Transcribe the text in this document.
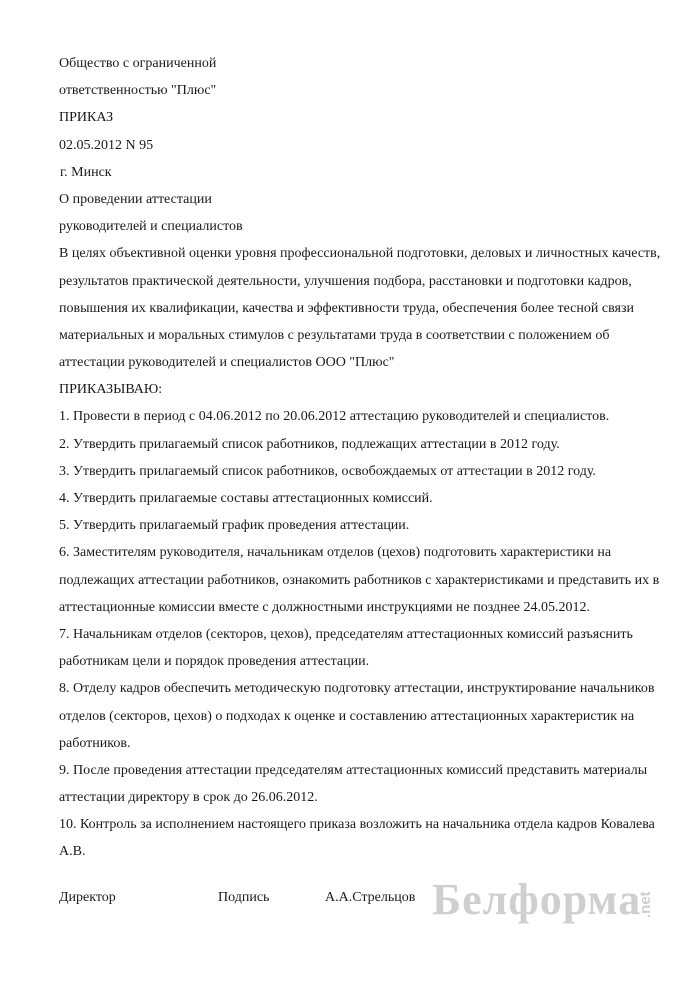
Общество с ограниченной
ответственностью "Плюс"
ПРИКАЗ
02.05.2012 N 95
г. Минск
О проведении аттестации
руководителей и специалистов
В целях объективной оценки уровня профессиональной подготовки, деловых и личностных качеств,
результатов практической деятельности, улучшения подбора, расстановки и подготовки кадров,
повышения их квалификации, качества и эффективности труда, обеспечения более тесной связи
материальных и моральных стимулов с результатами труда в соответствии с положением об
аттестации руководителей и специалистов ООО "Плюс"
ПРИКАЗЫВАЮ:
1. Провести в период с 04.06.2012 по 20.06.2012 аттестацию руководителей и специалистов.
2. Утвердить прилагаемый список работников, подлежащих аттестации в 2012 году.
3. Утвердить прилагаемый список работников, освобождаемых от аттестации в 2012 году.
4. Утвердить прилагаемые составы аттестационных комиссий.
5. Утвердить прилагаемый график проведения аттестации.
6. Заместителям руководителя, начальникам отделов (цехов) подготовить характеристики на
подлежащих аттестации работников, ознакомить работников с характеристиками и представить их в
аттестационные комиссии вместе с должностными инструкциями не позднее 24.05.2012.
7. Начальникам отделов (секторов, цехов), председателям аттестационных комиссий разъяснить
работникам цели и порядок проведения аттестации.
8. Отделу кадров обеспечить методическую подготовку аттестации, инструктирование начальников
отделов (секторов, цехов) о подходах к оценке и составлению аттестационных характеристик на
работников.
9. После проведения аттестации председателям аттестационных комиссий представить материалы
аттестации директору в срок до 26.06.2012.
10. Контроль за исполнением настоящего приказа возложить на начальника отдела кадров Ковалева
А.В.
Директор	Подпись	А.А.Стрельцов Белформа
.net
